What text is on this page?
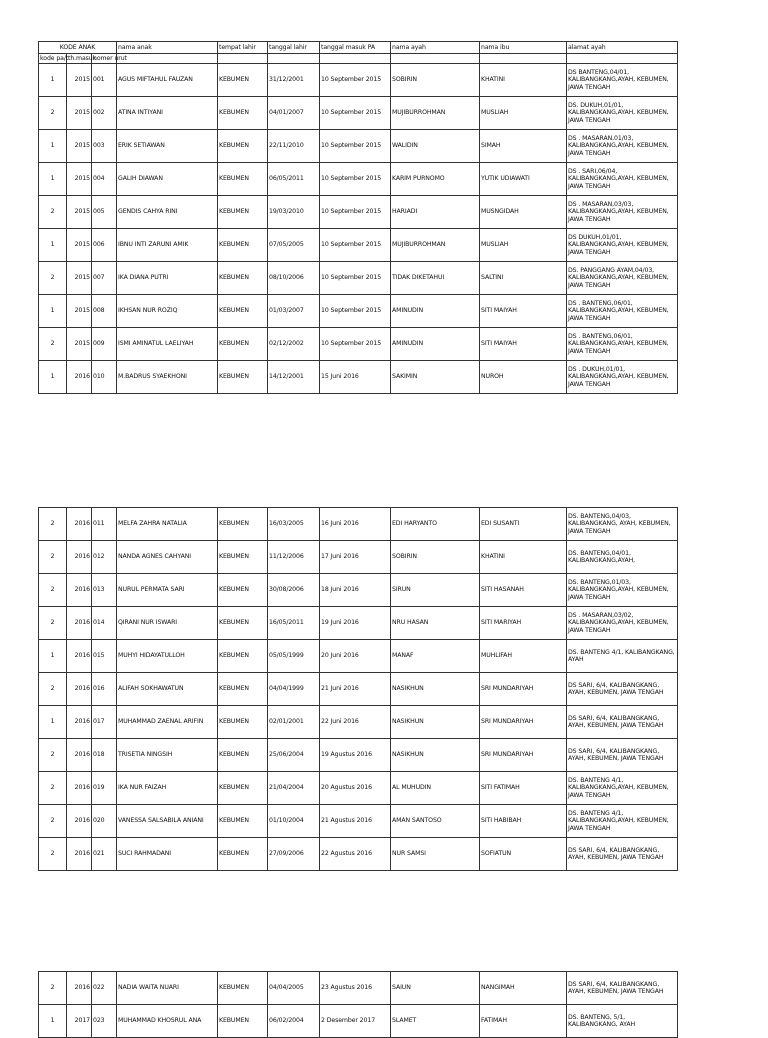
KODE ANAK			nama anak	tempat lahir	tanggal lahir	tanggal masuk PA	nama ayah	nama ibu	alamat ayah
kode pa/t	th.masuk	nomer urut							
1	2015	001	AGUS MIFTAHUL FAUZAN	KEBUMEN	31/12/2001	10 September 2015	SOBIRIN	KHATINI	DS BANTENG,04/01, KALIBANGKANG,AYAH, KEBUMEN, JAWA TENGAH
2	2015	002	ATINA INTIYANI	KEBUMEN	04/01/2007	10 September 2015	MUJIBURROHMAN	MUSLIAH	DS. DUKUH,01/01, KALIBANGKANG,AYAH, KEBUMEN, JAWA TENGAH
1	2015	003	ERIK SETIAWAN	KEBUMEN	22/11/2010	10 September 2015	WALIDIN	SIMAH	DS . MASARAN,01/03, KALIBANGKANG,AYAH, KEBUMEN, JAWA TENGAH
1	2015	004	GALIH DIAWAN	KEBUMEN	06/05/2011	10 September 2015	KARIM PURNOMO	YUTIK UDIAWATI	DS . SARI,06/04, KALIBANGKANG,AYAH, KEBUMEN, JAWA TENGAH
2	2015	005	GENDIS CAHYA RINI	KEBUMEN	19/03/2010	10 September 2015	HARIADI	MUSNGIDAH	DS . MASARAN,03/03, KALIBANGKANG,AYAH, KEBUMEN, JAWA TENGAH
1	2015	006	IBNU INTI ZARUNI AMIK	KEBUMEN	07/05/2005	10 September 2015	MUJIBURROHMAN	MUSLIAH	DS DUKUH,01/01, KALIBANGKANG,AYAH, KEBUMEN, JAWA TENGAH
2	2015	007	IKA DIANA PUTRI	KEBUMEN	08/10/2006	10 September 2015	TIDAK DIKETAHUI	SALTINI	DS. PANGGANG AYAM,04/03, KALIBANGKANG,AYAH, KEBUMEN, JAWA TENGAH
1	2015	008	IKHSAN NUR ROZIQ	KEBUMEN	01/03/2007	10 September 2015	AMINUDIN	SITI MAIYAH	DS . BANTENG,06/01, KALIBANGKANG,AYAH, KEBUMEN, JAWA TENGAH
2	2015	009	ISMI AMINATUL LAELIYAH	KEBUMEN	02/12/2002	10 September 2015	AMINUDIN	SITI MAIYAH	DS . BANTENG,06/01, KALIBANGKANG,AYAH, KEBUMEN, JAWA TENGAH
1	2016	010	M.BADRUS SYAEKHONI	KEBUMEN	14/12/2001	15 Juni 2016	SAKIMIN	NUROH	DS . DUKUH,01/01, KALIBANGKANG,AYAH, KEBUMEN, JAWA TENGAH
2	2016	011	MELFA ZAHRA NATALIA	KEBUMEN	16/03/2005	16 Juni 2016	EDI HARYANTO	EDI SUSANTI	DS. BANTENG,04/03, KALIBANGKANG, AYAH, KEBUMEN, JAWA TENGAH
2	2016	012	NANDA AGNES CAHYANI	KEBUMEN	11/12/2006	17 Juni 2016	SOBIRIN	KHATINI	DS. BANTENG,04/01, KALIBANGKANG,AYAH,
2	2016	013	NURUL PERMATA SARI	KEBUMEN	30/08/2006	18 Juni 2016	SIRUN	SITI HASANAH	DS. BANTENG,01/03, KALIBANGKANG,AYAH, KEBUMEN, JAWA TENGAH
2	2016	014	QIRANI NUR ISWARI	KEBUMEN	16/05/2011	19 Juni 2016	NRU HASAN	SITI MARIYAH	DS . MASARAN,03/02, KALIBANGKANG,AYAH, KEBUMEN, JAWA TENGAH
1	2016	015	MUHYI HIDAYATULLOH	KEBUMEN	05/05/1999	20 Juni 2016	MANAF	MUHLIFAH	DS. BANTENG 4/1, KALIBANGKANG, AYAH
2	2016	016	ALIFAH SOKHAWATUN	KEBUMEN	04/04/1999	21 Juni 2016	NASIKHUN	SRI MUNDARIYAH	DS SARI, 6/4, KALIBANGKANG, AYAH, KEBUMEN, JAWA TENGAH
1	2016	017	MUHAMMAD ZAENAL ARIFIN	KEBUMEN	02/01/2001	22 Juni 2016	NASIKHUN	SRI MUNDARIYAH	DS SARI, 6/4, KALIBANGKANG, AYAH, KEBUMEN, JAWA TENGAH
2	2016	018	TRISETIA NINGSIH	KEBUMEN	25/06/2004	19 Agustus 2016	NASIKHUN	SRI MUNDARIYAH	DS SARI, 6/4, KALIBANGKANG, AYAH, KEBUMEN, JAWA TENGAH
2	2016	019	IKA NUR FAIZAH	KEBUMEN	21/04/2004	20 Agustus 2016	AL MUHUDIN	SITI FATIMAH	DS. BANTENG 4/1, KALIBANGKANG,AYAH, KEBUMEN, JAWA TENGAH
2	2016	020	VANESSA SALSABILA ANIANI	KEBUMEN	01/10/2004	21 Agustus 2016	AMAN SANTOSO	SITI HABIBAH	DS. BANTENG 4/1, KALIBANGKANG,AYAH, KEBUMEN, JAWA TENGAH
2	2016	021	SUCI RAHMADANI	KEBUMEN	27/09/2006	22 Agustus 2016	NUR SAMSI	SOFIATUN	DS SARI, 6/4, KALIBANGKANG, AYAH, KEBUMEN, JAWA TENGAH
2	2016	022	NADIA WAITA NUARI	KEBUMEN	04/04/2005	23 Agustus 2016	SAIUN	NANGIMAH	DS SARI, 6/4, KALIBANGKANG, AYAH, KEBUMEN, JAWA TENGAH
1	2017	023	MUHAMMAD KHOSRUL ANA	KEBUMEN	06/02/2004	2 Desember 2017	SLAMET	FATIMAH	DS. BANTENG, 5/1, KALIBANGKANG, AYAH
